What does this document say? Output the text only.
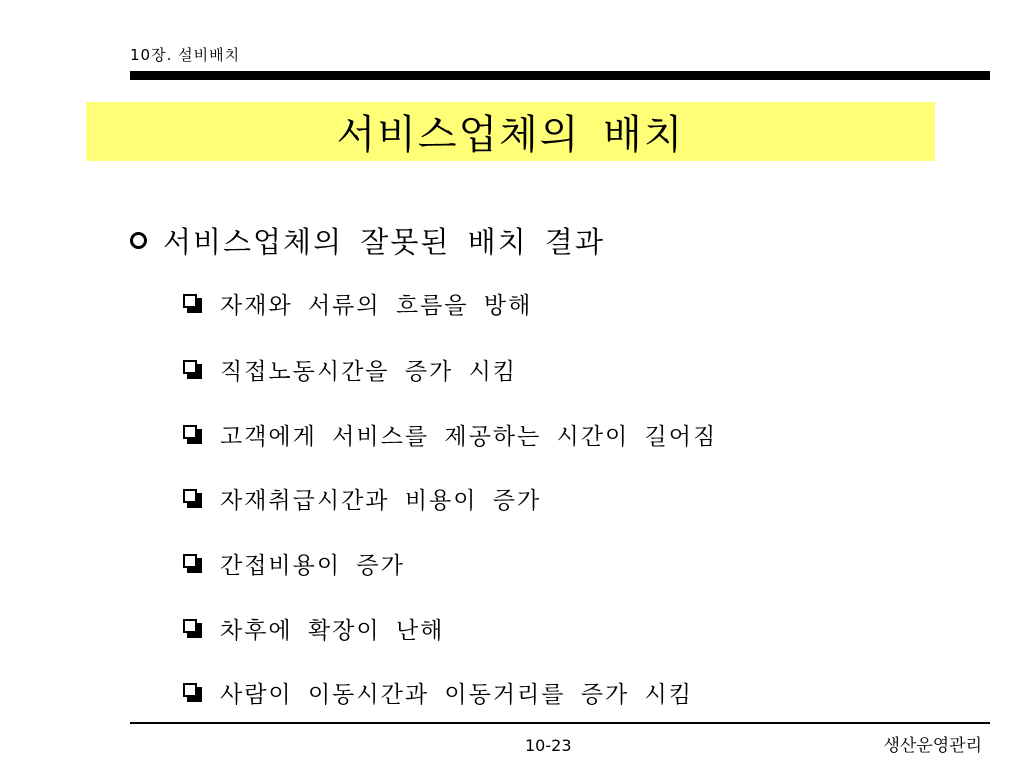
10장. 설비배치
서비스업체의 배치
서비스업체의 잘못된 배치 결과
자재와 서류의 흐름을 방해
직접노동시간을 증가 시킴
고객에게 서비스를 제공하는 시간이 길어짐
자재취급시간과 비용이 증가
간접비용이 증가
차후에 확장이 난해
사람이 이동시간과 이동거리를 증가 시킴
10-23	생산운영관리
